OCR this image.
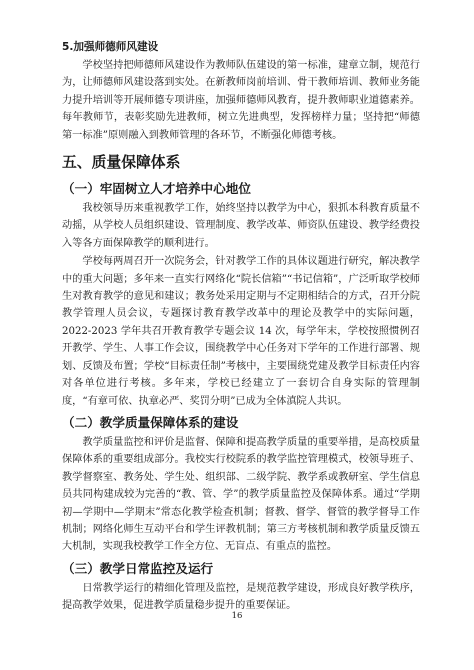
5.加强师德师风建设

学校坚持把师德师风建设作为教师队伍建设的第一标准，建章立制，规范行为，让师德师风建设落到实处。在新教师岗前培训、骨干教师培训、教师业务能力提升培训等开展师德专项讲座，加强师德师风教育，提升教师职业道德素养。每年教师节，表彰奖励先进教师，树立先进典型，发挥榜样力量；坚持把“师德第一标准”原则融入到教师管理的各环节，不断强化师德考核。

五、质量保障体系
（一）牢固树立人才培养中心地位

我校领导历来重视教学工作，始终坚持以教学为中心，狠抓本科教育质量不动摇，从学校人员组织建设、管理制度、教学改革、师资队伍建设、教学经费投入等各方面保障教学的顺利进行。

学校每两周召开一次院务会，针对教学工作的具体议题进行研究，解决教学中的重大问题；多年来一直实行网络化“院长信箱”“书记信箱”，广泛听取学校师生对教育教学的意见和建议；教务处采用定期与不定期相结合的方式，召开分院教学管理人员会议，专题探讨教育教学改革中的理论及教学中的实际问题，2022-2023 学年共召开教育教学专题会议 14 次，每学年末，学校按照惯例召开教学、学生、人事工作会议，围绕教学中心任务对下学年的工作进行部署、规划、反馈及布置；学校“目标责任制”考核中，主要围绕党建及教学目标责任内容对各单位进行考核。多年来，学校已经建立了一套切合自身实际的管理制度，“有章可依、执章必严、奖罚分明”已成为全体滇院人共识。

（二）教学质量保障体系的建设

教学质量监控和评价是监督、保障和提高教学质量的重要举措，是高校质量保障体系的重要组成部分。我校实行校院系的教学监控管理模式，校领导班子、教学督察室、教务处、学生处、组织部、二级学院、教学系或教研室、学生信息员共同构建成较为完善的“教、管、学”的教学质量监控及保障体系。通过“学期初—学期中—学期末”常态化教学检查机制；督教、督学、督管的教学督导工作机制；网络化师生互动平台和学生评教机制；第三方考核机制和教学质量反馈五大机制，实现我校教学工作全方位、无盲点、有重点的监控。

（三）教学日常监控及运行

日常教学运行的精细化管理及监控，是规范教学建设，形成良好教学秩序，提高教学效果，促进教学质量稳步提升的重要保证。

16
